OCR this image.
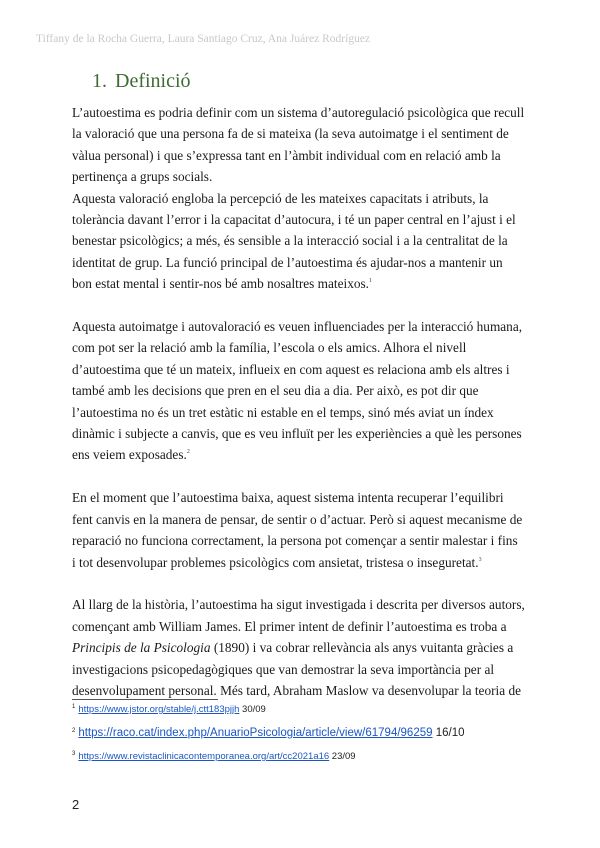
Tiffany de la Rocha Guerra, Laura Santiago Cruz, Ana Juárez Rodríguez
1. Definició

L’autoestima es podria definir com un sistema d’autoregulació psicològica que recull
la valoració que una persona fa de si mateixa (la seva autoimatge i el sentiment de
vàlua personal) i que s’expressa tant en l’àmbit individual com en relació amb la
pertinença a grups socials.

Aquesta valoració engloba la percepció de les mateixes capacitats i atributs, la
tolerància davant l’error i la capacitat d’autocura, i té un paper central en l’ajust i el
benestar psicològics; a més, és sensible a la interacció social i a la centralitat de la
identitat de grup. La funció principal de l’autoestima és ajudar-nos a mantenir un
bon estat mental i sentir-nos bé amb nosaltres mateixos.$^1$

Aquesta autoimatge i autovaloració es veuen influenciades per la interacció humana,
com pot ser la relació amb la família, l’escola o els amics. Alhora el nivell
d’autoestima que té un mateix, influeix en com aquest es relaciona amb els altres i
també amb les decisions que pren en el seu dia a dia. Per això, es pot dir que
l’autoestima no és un tret estàtic ni estable en el temps, sinó més aviat un índex
dinàmic i subjecte a canvis, que es veu influït per les experiències a què les persones
ens veiem exposades.$^2$

En el moment que l’autoestima baixa, aquest sistema intenta recuperar l’equilibri
fent canvis en la manera de pensar, de sentir o d’actuar. Però si aquest mecanisme de
reparació no funciona correctament, la persona pot començar a sentir malestar i fins
i tot desenvolupar problemes psicològics com ansietat, tristesa o inseguretat.$^3$

Al llarg de la història, l’autoestima ha sigut investigada i descrita per diversos autors,
començant amb William James. El primer intent de definir l’autoestima es troba a
Principis de la Psicologia (1890) i va cobrar rellevància als anys vuitanta gràcies a
investigacions psicopedagògiques que van demostrar la seva importància per al
desenvolupament personal. Més tard, Abraham Maslow va desenvolupar la teoria de

$^1$ https://www.jstor.org/stable/j.ctt183pjjh 30/09
$^2$ https://raco.cat/index.php/AnuarioPsicologia/article/view/61794/96259 16/10
$^3$ https://www.revistaclinicacontemporanea.org/art/cc2021a16 23/09
2
